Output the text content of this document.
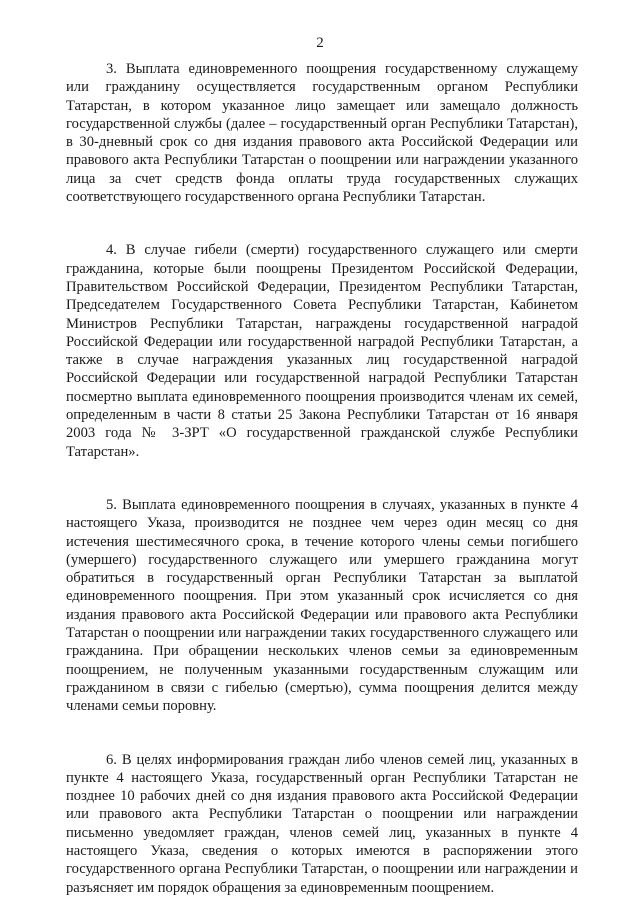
2

3. Выплата единовременного поощрения государственному служащему или гражданину осуществляется государственным органом Республики Татарстан, в котором указанное лицо замещает или замещало должность государственной службы (далее – государственный орган Республики Татарстан), в 30-дневный срок со дня издания правового акта Российской Федерации или правового акта Республики Татарстан о поощрении или награждении указанного лица за счет средств фонда оплаты труда государственных служащих соответствующего государственного органа Республики Татарстан.

4. В случае гибели (смерти) государственного служащего или смерти гражданина, которые были поощрены Президентом Российской Федерации, Правительством Российской Федерации, Президентом Республики Татарстан, Председателем Государственного Совета Республики Татарстан, Кабинетом Министров Республики Татарстан, награждены государственной наградой Российской Федерации или государственной наградой Республики Татарстан, а также в случае награждения указанных лиц государственной наградой Российской Федерации или государственной наградой Республики Татарстан посмертно выплата единовременного поощрения производится членам их семей, определенным в части 8 статьи 25 Закона Республики Татарстан от 16 января 2003 года № 3-ЗРТ «О государственной гражданской службе Республики Татарстан».

5. Выплата единовременного поощрения в случаях, указанных в пункте 4 настоящего Указа, производится не позднее чем через один месяц со дня истечения шестимесячного срока, в течение которого члены семьи погибшего (умершего) государственного служащего или умершего гражданина могут обратиться в государственный орган Республики Татарстан за выплатой единовременного поощрения. При этом указанный срок исчисляется со дня издания правового акта Российской Федерации или правового акта Республики Татарстан о поощрении или награждении таких государственного служащего или гражданина. При обращении нескольких членов семьи за единовременным поощрением, не полученным указанными государственным служащим или гражданином в связи с гибелью (смертью), сумма поощрения делится между членами семьи поровну.

6. В целях информирования граждан либо членов семей лиц, указанных в пункте 4 настоящего Указа, государственный орган Республики Татарстан не позднее 10 рабочих дней со дня издания правового акта Российской Федерации или правового акта Республики Татарстан о поощрении или награждении письменно уведомляет граждан, членов семей лиц, указанных в пункте 4 настоящего Указа, сведения о которых имеются в распоряжении этого государственного органа Республики Татарстан, о поощрении или награждении и разъясняет им порядок обращения за единовременным поощрением.
